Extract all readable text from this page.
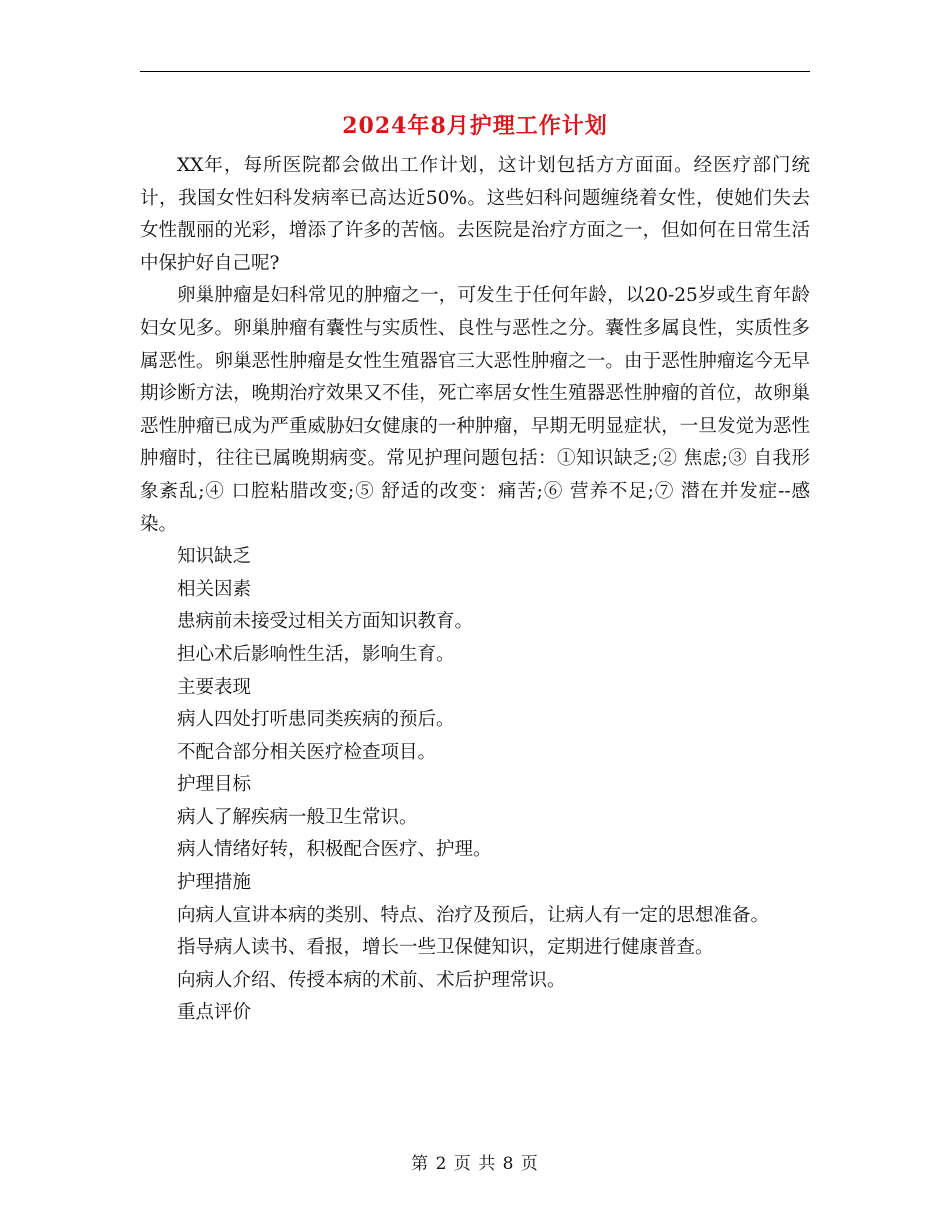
2024年8月护理工作计划

XX年，每所医院都会做出工作计划，这计划包括方方面面。经医疗部门统计，我国女性妇科发病率已高达近50%。这些妇科问题缠绕着女性，使她们失去女性靓丽的光彩，增添了许多的苦恼。去医院是治疗方面之一，但如何在日常生活中保护好自己呢?

卵巢肿瘤是妇科常见的肿瘤之一，可发生于任何年龄，以20-25岁或生育年龄妇女见多。卵巢肿瘤有囊性与实质性、良性与恶性之分。囊性多属良性，实质性多属恶性。卵巢恶性肿瘤是女性生殖器官三大恶性肿瘤之一。由于恶性肿瘤迄今无早期诊断方法，晚期治疗效果又不佳，死亡率居女性生殖器恶性肿瘤的首位，故卵巢恶性肿瘤已成为严重威胁妇女健康的一种肿瘤，早期无明显症状，一旦发觉为恶性肿瘤时，往往已属晚期病变。常见护理问题包括：①知识缺乏;② 焦虑;③ 自我形象紊乱;④ 口腔粘腊改变;⑤ 舒适的改变：痛苦;⑥ 营养不足;⑦ 潜在并发症--感染。

知识缺乏

相关因素

患病前未接受过相关方面知识教育。

担心术后影响性生活，影响生育。

主要表现

病人四处打听患同类疾病的预后。

不配合部分相关医疗检查项目。

护理目标

病人了解疾病一般卫生常识。

病人情绪好转，积极配合医疗、护理。

护理措施

向病人宣讲本病的类别、特点、治疗及预后，让病人有一定的思想准备。

指导病人读书、看报，增长一些卫保健知识，定期进行健康普查。

向病人介绍、传授本病的术前、术后护理常识。

重点评价

第 2 页 共 8 页
